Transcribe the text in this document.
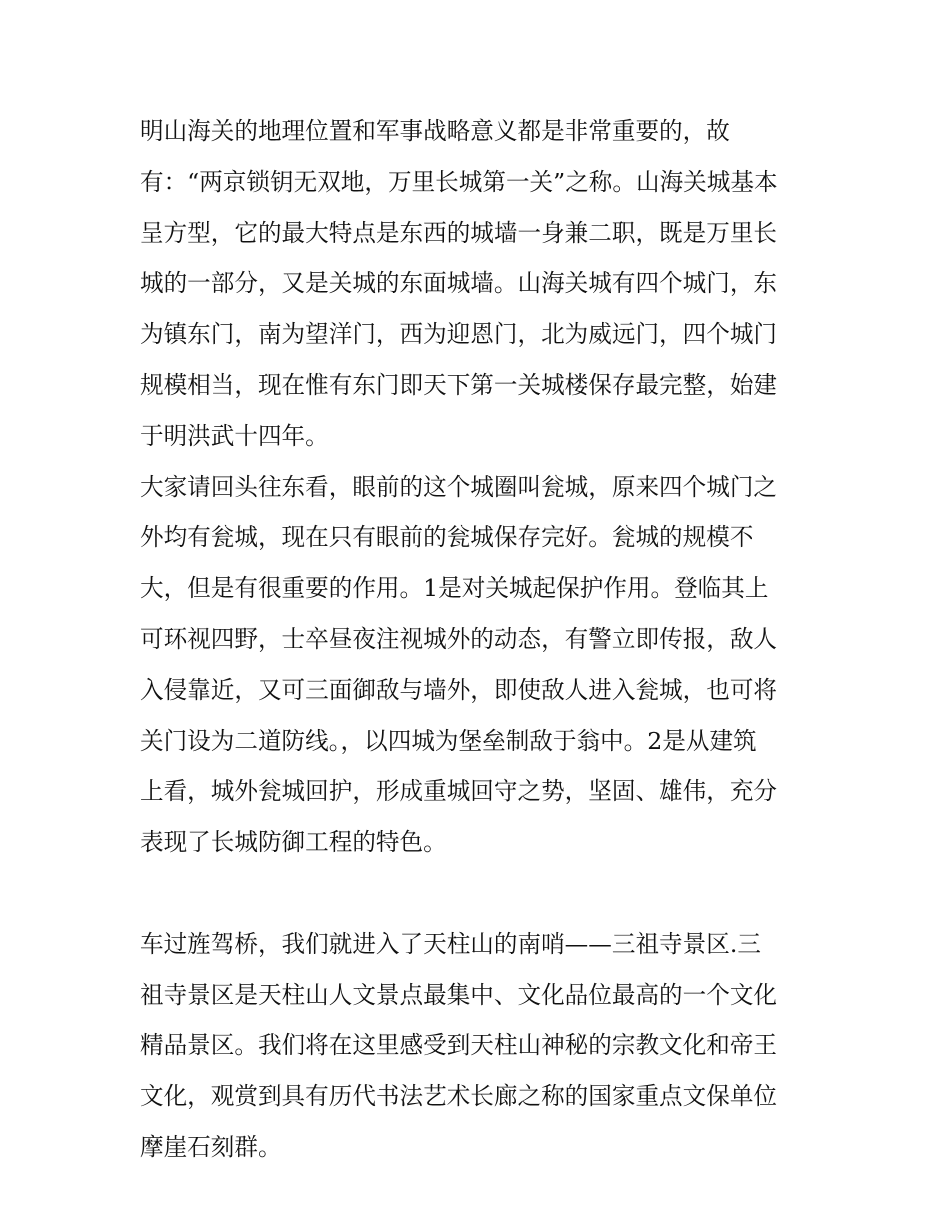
明山海关的地理位置和军事战略意义都是非常重要的，故
有：“两京锁钥无双地，万里长城第一关”之称。山海关城基本
呈方型，它的最大特点是东西的城墙一身兼二职，既是万里长
城的一部分，又是关城的东面城墙。山海关城有四个城门，东
为镇东门，南为望洋门，西为迎恩门，北为威远门，四个城门
规模相当，现在惟有东门即天下第一关城楼保存最完整，始建
于明洪武十四年。
大家请回头往东看，眼前的这个城圈叫瓮城，原来四个城门之
外均有瓮城，现在只有眼前的瓮城保存完好。瓮城的规模不
大，但是有很重要的作用。1是对关城起保护作用。登临其上
可环视四野，士卒昼夜注视城外的动态，有警立即传报，敌人
入侵靠近，又可三面御敌与墙外，即使敌人进入瓮城，也可将
关门设为二道防线。，以四城为堡垒制敌于翁中。2是从建筑
上看，城外瓮城回护，形成重城回守之势，坚固、雄伟，充分
表现了长城防御工程的特色。
车过旌驾桥，我们就进入了天柱山的南哨——三祖寺景区.三
祖寺景区是天柱山人文景点最集中、文化品位最高的一个文化
精品景区。我们将在这里感受到天柱山神秘的宗教文化和帝王
文化，观赏到具有历代书法艺术长廊之称的国家重点文保单位
摩崖石刻群。
